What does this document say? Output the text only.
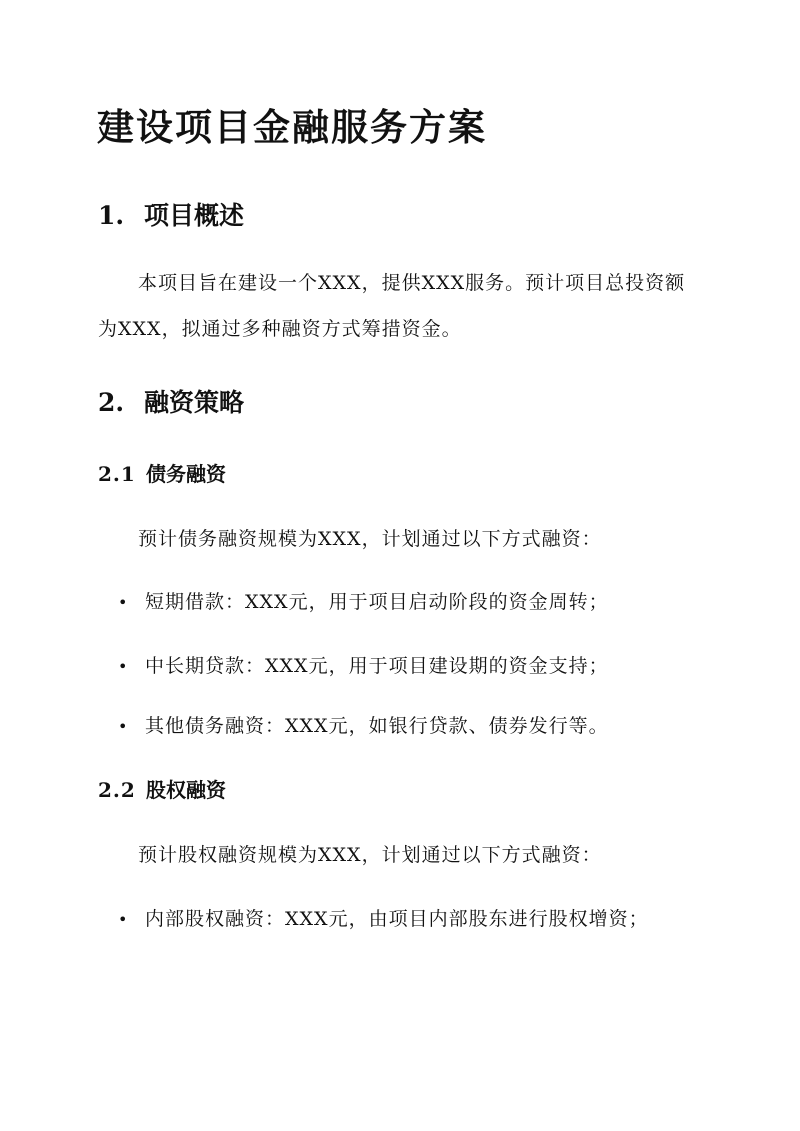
建设项目金融服务方案
1. 项目概述
本项目旨在建设一个XXX，提供XXX服务。预计项目总投资额为XXX，拟通过多种融资方式筹措资金。
2. 融资策略
2.1 债务融资
预计债务融资规模为XXX，计划通过以下方式融资：
• 短期借款：XXX元，用于项目启动阶段的资金周转；
• 中长期贷款：XXX元，用于项目建设期的资金支持；
• 其他债务融资：XXX元，如银行贷款、债券发行等。
2.2 股权融资
预计股权融资规模为XXX，计划通过以下方式融资：
• 内部股权融资：XXX元，由项目内部股东进行股权增资；
